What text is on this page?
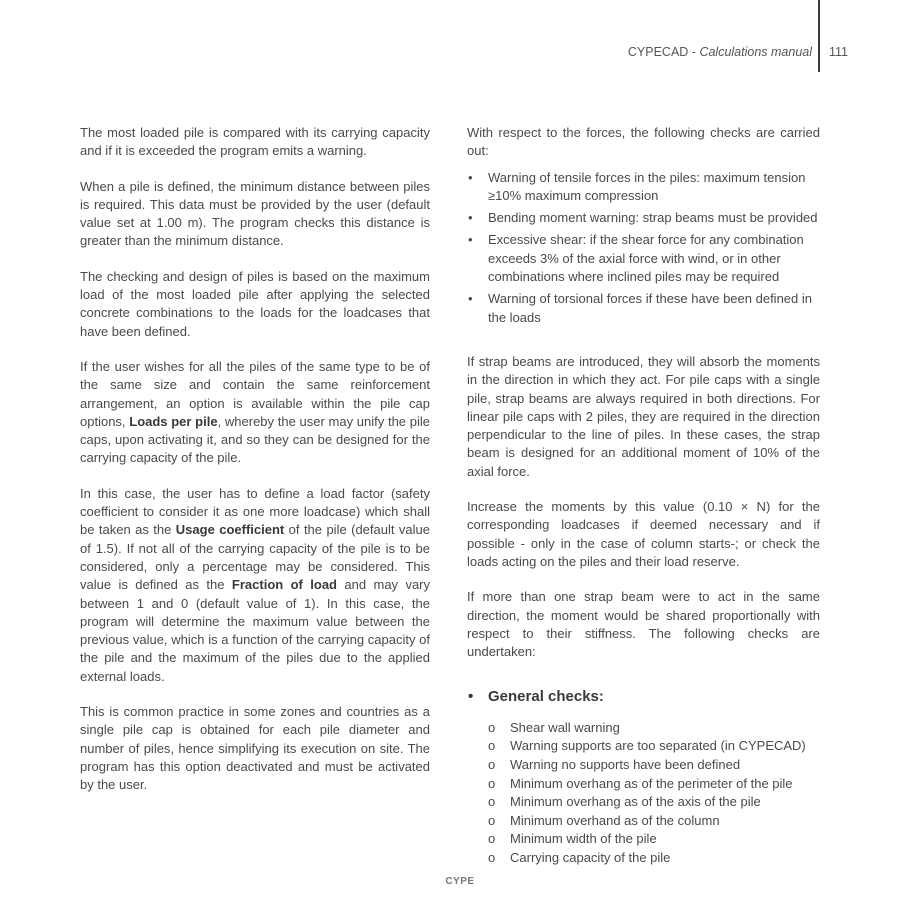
CYPECAD - Calculations manual 111

The most loaded pile is compared with its carrying capacity and if it is exceeded the program emits a warning.

When a pile is defined, the minimum distance between piles is required. This data must be provided by the user (default value set at 1.00 m). The program checks this distance is greater than the minimum distance.

The checking and design of piles is based on the maximum load of the most loaded pile after applying the selected concrete combinations to the loads for the loadcases that have been defined.

If the user wishes for all the piles of the same type to be of the same size and contain the same reinforcement arrangement, an option is available within the pile cap options, Loads per pile, whereby the user may unify the pile caps, upon activating it, and so they can be designed for the carrying capacity of the pile.

In this case, the user has to define a load factor (safety coefficient to consider it as one more loadcase) which shall be taken as the Usage coefficient of the pile (default value of 1.5). If not all of the carrying capacity of the pile is to be considered, only a percentage may be considered. This value is defined as the Fraction of load and may vary between 1 and 0 (default value of 1). In this case, the program will determine the maximum value between the previous value, which is a function of the carrying capacity of the pile and the maximum of the piles due to the applied external loads.

This is common practice in some zones and countries as a single pile cap is obtained for each pile diameter and number of piles, hence simplifying its execution on site. The program has this option deactivated and must be activated by the user.

With respect to the forces, the following checks are carried out:

• Warning of tensile forces in the piles: maximum tension ≥10% maximum compression
• Bending moment warning: strap beams must be provided
• Excessive shear: if the shear force for any combination exceeds 3% of the axial force with wind, or in other combinations where inclined piles may be required
• Warning of torsional forces if these have been defined in the loads

If strap beams are introduced, they will absorb the moments in the direction in which they act. For pile caps with a single pile, strap beams are always required in both directions. For linear pile caps with 2 piles, they are required in the direction perpendicular to the line of piles. In these cases, the strap beam is designed for an additional moment of 10% of the axial force.

Increase the moments by this value (0.10 × N) for the corresponding loadcases if deemed necessary and if possible - only in the case of column starts-; or check the loads acting on the piles and their load reserve.

If more than one strap beam were to act in the same direction, the moment would be shared proportionally with respect to their stiffness. The following checks are undertaken:

• General checks:
o Shear wall warning
o Warning supports are too separated (in CYPECAD)
o Warning no supports have been defined
o Minimum overhang as of the perimeter of the pile
o Minimum overhang as of the axis of the pile
o Minimum overhand as of the column
o Minimum width of the pile
o Carrying capacity of the pile
CYPE
